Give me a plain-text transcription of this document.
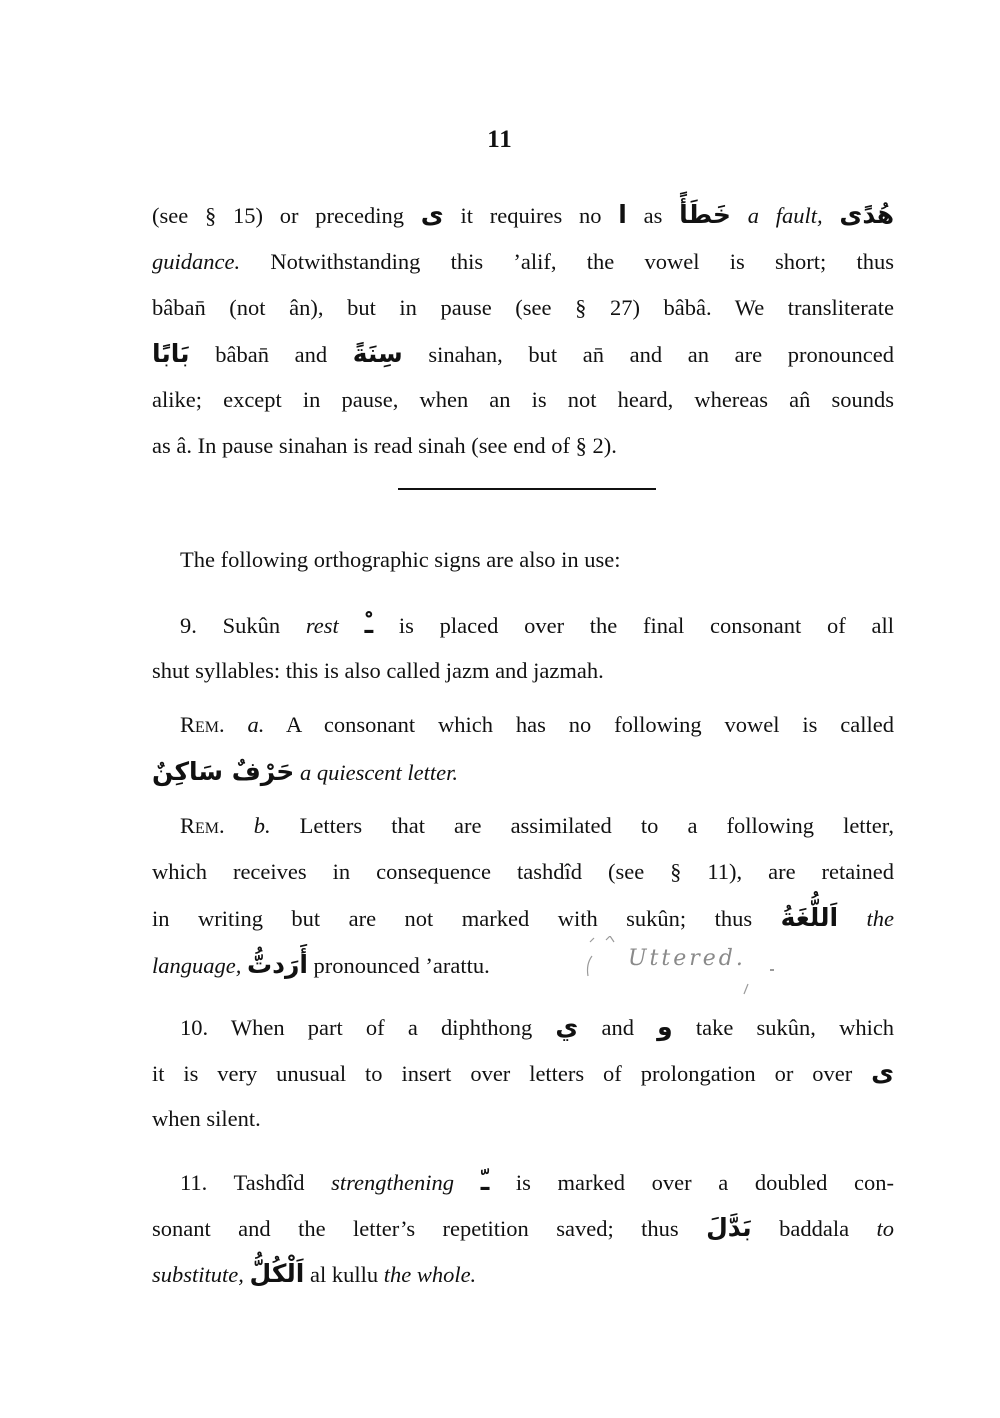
11
(see § 15) or preceding ى it requires no ا as خَطَأً a fault, هُدًى
guidance. Notwithstanding this ’alif, the vowel is short; thus
bâban̄ (not ân), but in pause (see § 27) bâbâ. We transliterate
بَابًا bâban̄ and سِنَةً sinahan, but an̄ and an are pronounced
alike; except in pause, when an is not heard, whereas an̂ sounds
as â. In pause sinahan is read sinah (see end of § 2).
The following orthographic signs are also in use:
9. Sukûn rest ـْ is placed over the final consonant of all
shut syllables: this is also called jazm and jazmah.
Rem. a. A consonant which has no following vowel is called
حَرْفٌ سَاكِنٌ a quiescent letter.
Rem. b. Letters that are assimilated to a following letter,
which receives in consequence tashdîd (see § 11), are retained
in writing but are not marked with sukûn; thus اَللُّغَةُ the
language, أَرَدتُّ pronounced ’arattu.	Uttered.
10. When part of a diphthong ي and و take sukûn, which
it is very unusual to insert over letters of prolongation or over ى
when silent.
11. Tashdîd strengthening ـّ is marked over a doubled con-
sonant and the letter’s repetition saved; thus بَدَّلَ baddala to
substitute, اَلْكُلُّ al kullu the whole.
